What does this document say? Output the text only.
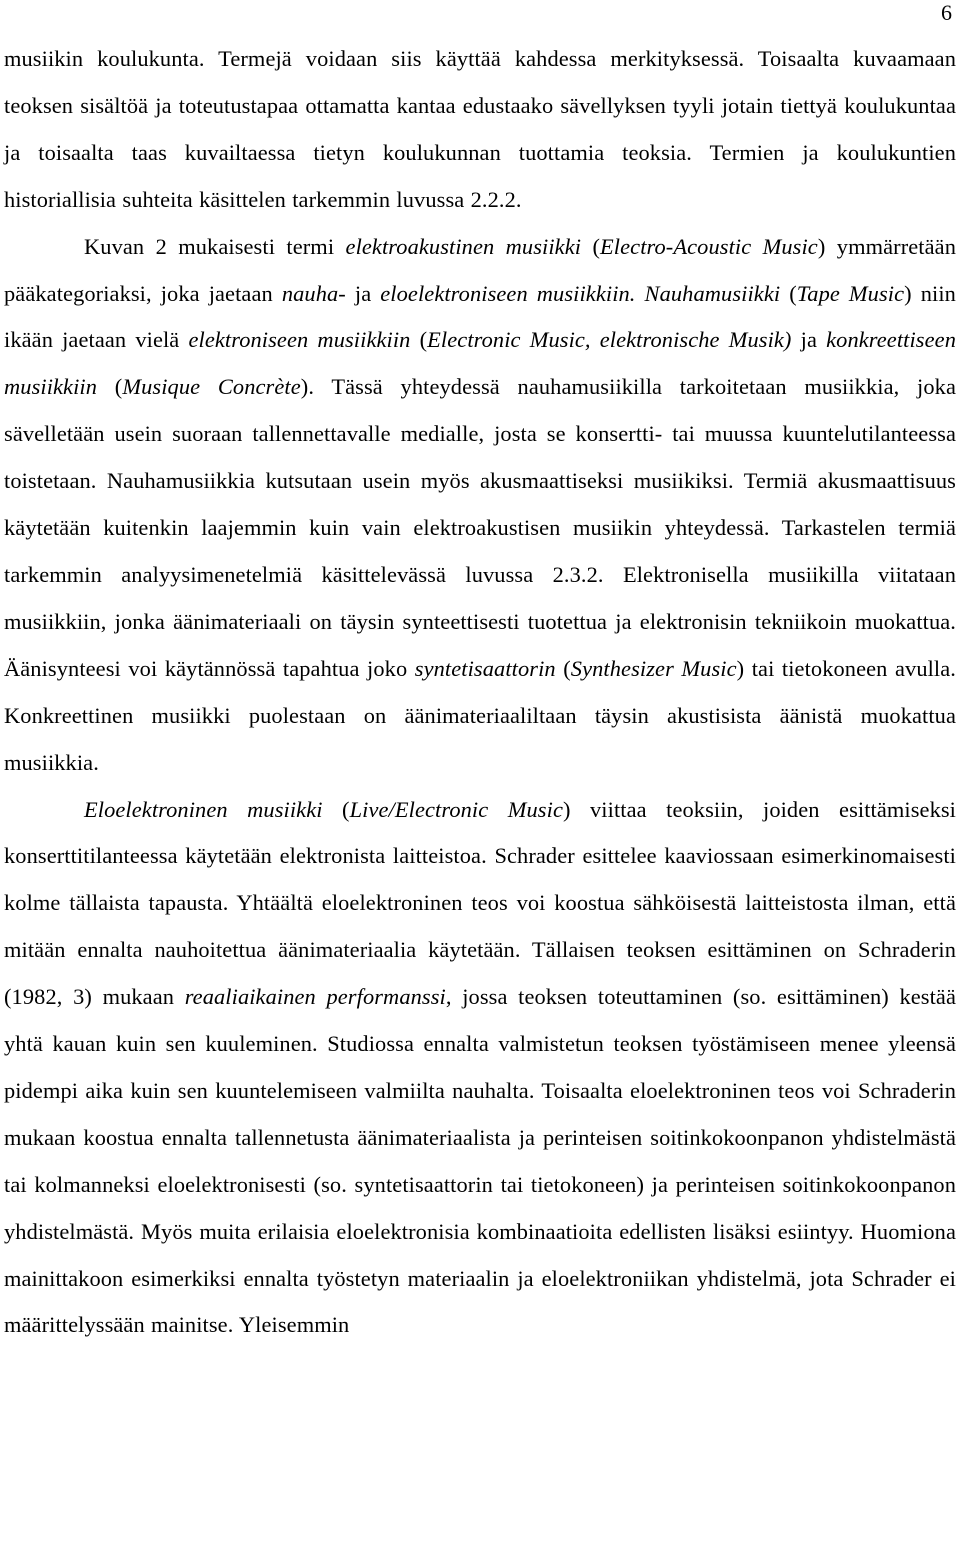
6

musiikin koulukunta. Termejä voidaan siis käyttää kahdessa merkityksessä. Toisaalta kuvaamaan teoksen sisältöä ja toteutustapaa ottamatta kantaa edustaako sävellyksen tyyli jotain tiettyä koulukuntaa ja toisaalta taas kuvailtaessa tietyn koulukunnan tuottamia teoksia. Termien ja koulukuntien historiallisia suhteita käsittelen tarkemmin luvussa 2.2.2.

Kuvan 2 mukaisesti termi elektroakustinen musiikki (Electro-Acoustic Music) ymmärretään pääkategoriaksi, joka jaetaan nauha- ja eloelektroniseen musiikkiin. Nauhamusiikki (Tape Music) niin ikään jaetaan vielä elektroniseen musiikkiin (Electronic Music, elektronische Musik) ja konkreettiseen musiikkiin (Musique Concrète). Tässä yhteydessä nauhamusiikilla tarkoitetaan musiikkia, joka sävelletään usein suoraan tallennettavalle medialle, josta se konsertti- tai muussa kuuntelutilanteessa toistetaan. Nauhamusiikkia kutsutaan usein myös akusmaattiseksi musiikiksi. Termiä akusmaattisuus käytetään kuitenkin laajemmin kuin vain elektroakustisen musiikin yhteydessä. Tarkastelen termiä tarkemmin analyysimenetelmiä käsittelevässä luvussa 2.3.2. Elektronisella musiikilla viitataan musiikkiin, jonka äänimateriaali on täysin synteettisesti tuotettua ja elektronisin tekniikoin muokattua. Äänisynteesi voi käytännössä tapahtua joko syntetisaattorin (Synthesizer Music) tai tietokoneen avulla. Konkreettinen musiikki puolestaan on äänimateriaaliltaan täysin akustisista äänistä muokattua musiikkia.

Eloelektroninen musiikki (Live/Electronic Music) viittaa teoksiin, joiden esittämiseksi konserttitilanteessa käytetään elektronista laitteistoa. Schrader esittelee kaaviossaan esimerkinomaisesti kolme tällaista tapausta. Yhtäältä eloelektroninen teos voi koostua sähköisestä laitteistosta ilman, että mitään ennalta nauhoitettua äänimateriaalia käytetään. Tällaisen teoksen esittäminen on Schraderin (1982, 3) mukaan reaaliaikainen performanssi, jossa teoksen toteuttaminen (so. esittäminen) kestää yhtä kauan kuin sen kuuleminen. Studiossa ennalta valmistetun teoksen työstämiseen menee yleensä pidempi aika kuin sen kuuntelemiseen valmiilta nauhalta. Toisaalta eloelektroninen teos voi Schraderin mukaan koostua ennalta tallennetusta äänimateriaalista ja perinteisen soitinkokoonpanon yhdistelmästä tai kolmanneksi eloelektronisesti (so. syntetisaattorin tai tietokoneen) ja perinteisen soitinkokoonpanon yhdistelmästä. Myös muita erilaisia eloelektronisia kombinaatioita edellisten lisäksi esiintyy. Huomiona mainittakoon esimerkiksi ennalta työstetyn materiaalin ja eloelektroniikan yhdistelmä, jota Schrader ei määrittelyssään mainitse. Yleisemmin
